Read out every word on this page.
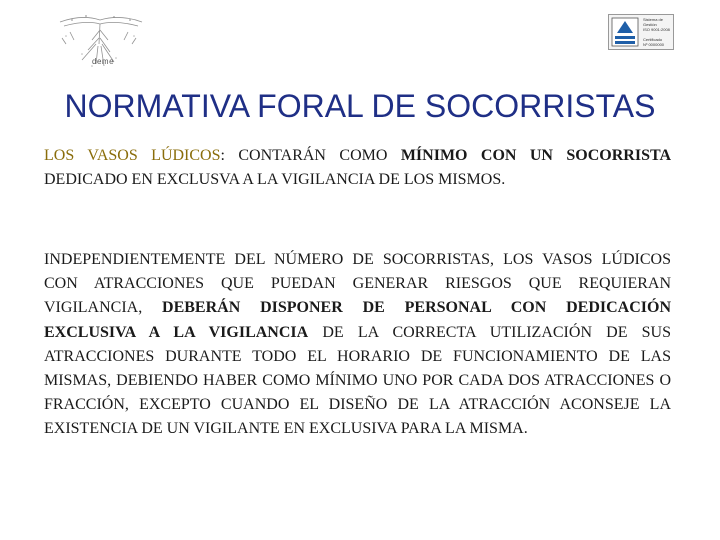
deme
Sistema de
Gestión
ISO 9001:2008

Certificado
Nº 0000000
NORMATIVA FORAL DE SOCORRISTAS

LOS VASOS LÚDICOS: CONTARÁN COMO MÍNIMO CON UN SOCORRISTA DEDICADO EN EXCLUSVA A LA VIGILANCIA DE LOS MISMOS.

INDEPENDIENTEMENTE DEL NÚMERO DE SOCORRISTAS, LOS VASOS LÚDICOS CON ATRACCIONES QUE PUEDAN GENERAR RIESGOS QUE REQUIERAN VIGILANCIA, DEBERÁN DISPONER DE PERSONAL CON DEDICACIÓN EXCLUSIVA A LA VIGILANCIA DE LA CORRECTA UTILIZACIÓN DE SUS ATRACCIONES DURANTE TODO EL HORARIO DE FUNCIONAMIENTO DE LAS MISMAS, DEBIENDO HABER COMO MÍNIMO UNO POR CADA DOS ATRACCIONES O FRACCIÓN, EXCEPTO CUANDO EL DISEÑO DE LA ATRACCIÓN ACONSEJE LA EXISTENCIA DE UN VIGILANTE EN EXCLUSIVA PARA LA MISMA.
